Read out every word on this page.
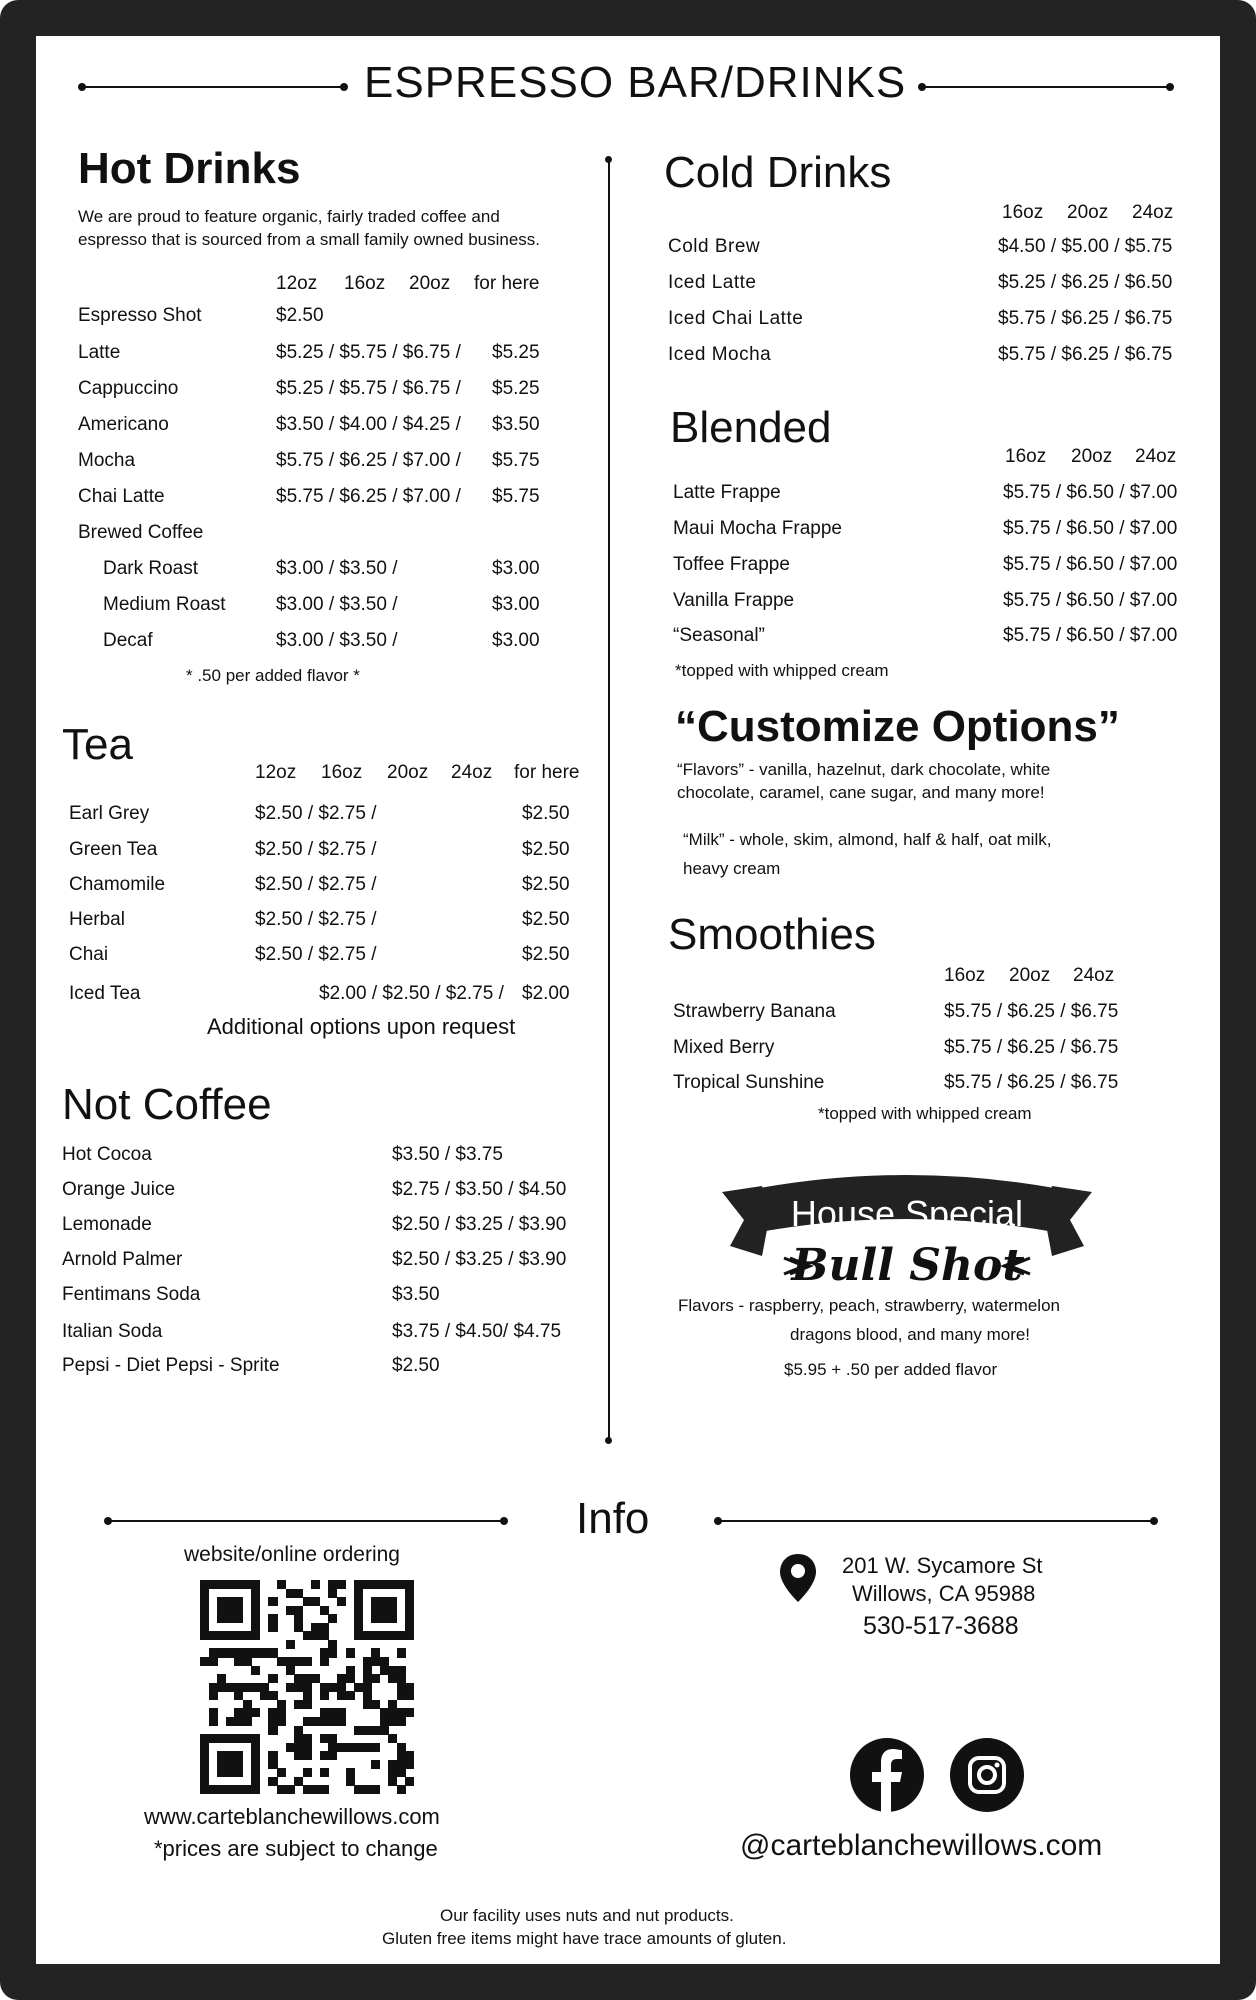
ESPRESSO BAR/DRINKS
Hot Drinks
We are proud to feature organic, fairly traded coffee and
espresso that is sourced from a small family owned business.
12oz 16oz 20oz for here
Espresso Shot	$2.50
Latte	$5.25 / $5.75 / $6.75 / $5.25
Cappuccino	$5.25 / $5.75 / $6.75 / $5.25
Americano	$3.50 / $4.00 / $4.25 / $3.50
Mocha	$5.75 / $6.25 / $7.00 / $5.75
Chai Latte	$5.75 / $6.25 / $7.00 / $5.75
Brewed Coffee
Dark Roast	$3.00 / $3.50 /	$3.00
Medium Roast	$3.00 / $3.50 /	$3.00
Decaf	$3.00 / $3.50 /	$3.00
* .50 per added flavor *
Tea
12oz 16oz 20oz 24oz for here
Earl Grey	$2.50 / $2.75 /	$2.50
Green Tea	$2.50 / $2.75 /	$2.50
Chamomile	$2.50 / $2.75 /	$2.50
Herbal	$2.50 / $2.75 /	$2.50
Chai	$2.50 / $2.75 /	$2.50
Iced Tea	$2.00 / $2.50 / $2.75 / $2.00
Additional options upon request
Not Coffee
Hot Cocoa	$3.50 / $3.75
Orange Juice	$2.75 / $3.50 / $4.50
Lemonade	$2.50 / $3.25 / $3.90
Arnold Palmer	$2.50 / $3.25 / $3.90
Fentimans Soda	$3.50
Italian Soda	$3.75 / $4.50/ $4.75
Pepsi - Diet Pepsi - Sprite	$2.50
Cold Drinks
16oz 20oz 24oz
Cold Brew	$4.50 / $5.00 / $5.75
Iced Latte	$5.25 / $6.25 / $6.50
Iced Chai Latte	$5.75 / $6.25 / $6.75
Iced Mocha	$5.75 / $6.25 / $6.75
Blended
16oz 20oz 24oz
Latte Frappe	$5.75 / $6.50 / $7.00
Maui Mocha Frappe	$5.75 / $6.50 / $7.00
Toffee Frappe	$5.75 / $6.50 / $7.00
Vanilla Frappe	$5.75 / $6.50 / $7.00
“Seasonal”	$5.75 / $6.50 / $7.00
*topped with whipped cream
“Customize Options”
“Flavors” - vanilla, hazelnut, dark chocolate, white
chocolate, caramel, cane sugar, and many more!
“Milk” - whole, skim, almond, half & half, oat milk,
heavy cream
Smoothies
16oz 20oz 24oz
Strawberry Banana	$5.75 / $6.25 / $6.75
Mixed Berry	$5.75 / $6.25 / $6.75
Tropical Sunshine	$5.75 / $6.25 / $6.75
*topped with whipped cream
House Special
Bull Shot
Flavors - raspberry, peach, strawberry, watermelon
dragons blood, and many more!
$5.95 + .50 per added flavor
Info
website/online ordering
www.carteblanchewillows.com
*prices are subject to change
201 W. Sycamore St
Willows, CA 95988
530-517-3688
@carteblanchewillows.com
Our facility uses nuts and nut products.
Gluten free items might have trace amounts of gluten.
